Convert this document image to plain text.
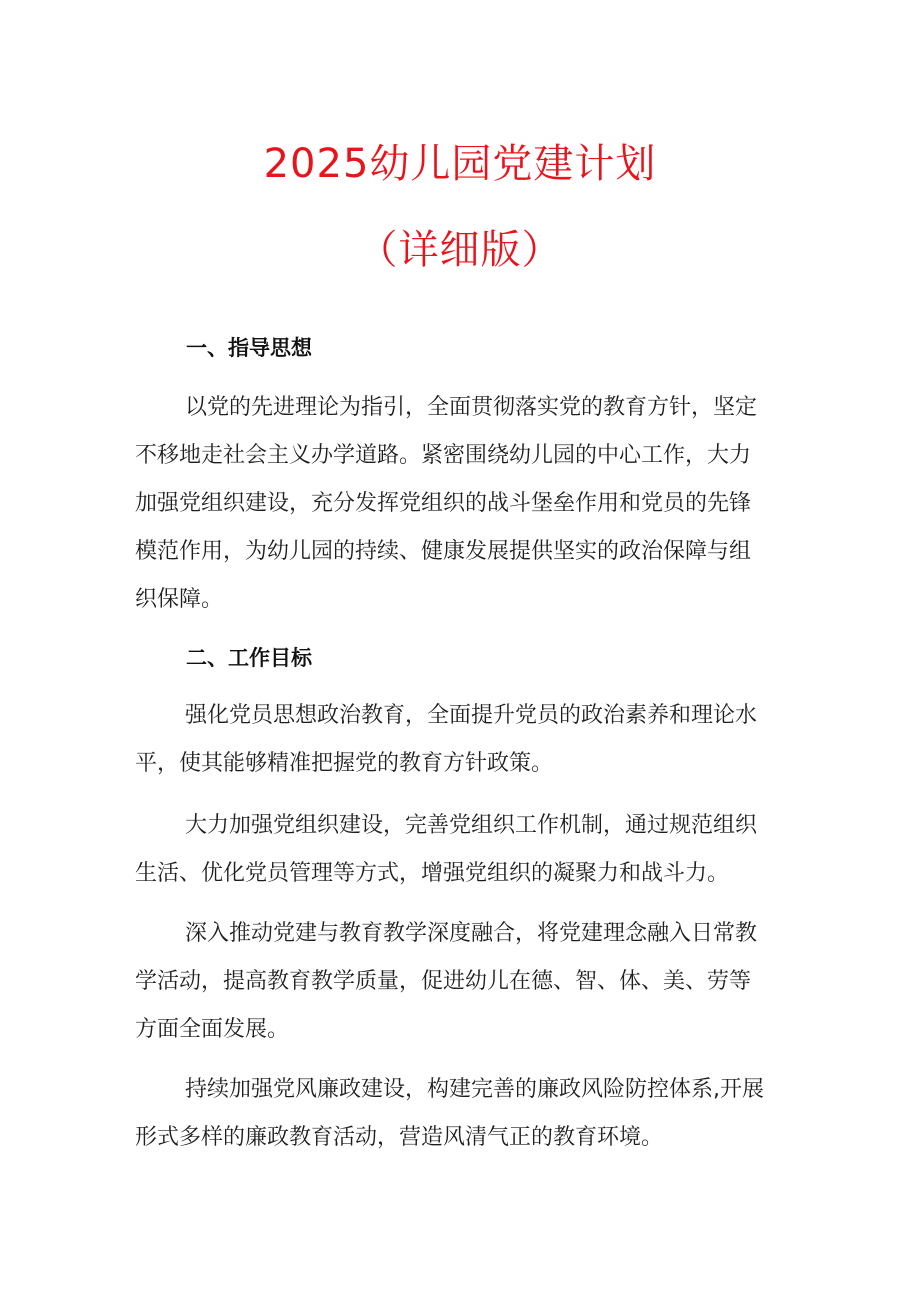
2025幼儿园党建计划
（详细版）
一、指导思想
以党的先进理论为指引，全面贯彻落实党的教育方针，坚定
不移地走社会主义办学道路。紧密围绕幼儿园的中心工作，大力
加强党组织建设，充分发挥党组织的战斗堡垒作用和党员的先锋
模范作用，为幼儿园的持续、健康发展提供坚实的政治保障与组
织保障。
二、工作目标
强化党员思想政治教育，全面提升党员的政治素养和理论水
平，使其能够精准把握党的教育方针政策。
大力加强党组织建设，完善党组织工作机制，通过规范组织
生活、优化党员管理等方式，增强党组织的凝聚力和战斗力。
深入推动党建与教育教学深度融合，将党建理念融入日常教
学活动，提高教育教学质量，促进幼儿在德、智、体、美、劳等
方面全面发展。
持续加强党风廉政建设，构建完善的廉政风险防控体系,开展
形式多样的廉政教育活动，营造风清气正的教育环境。
